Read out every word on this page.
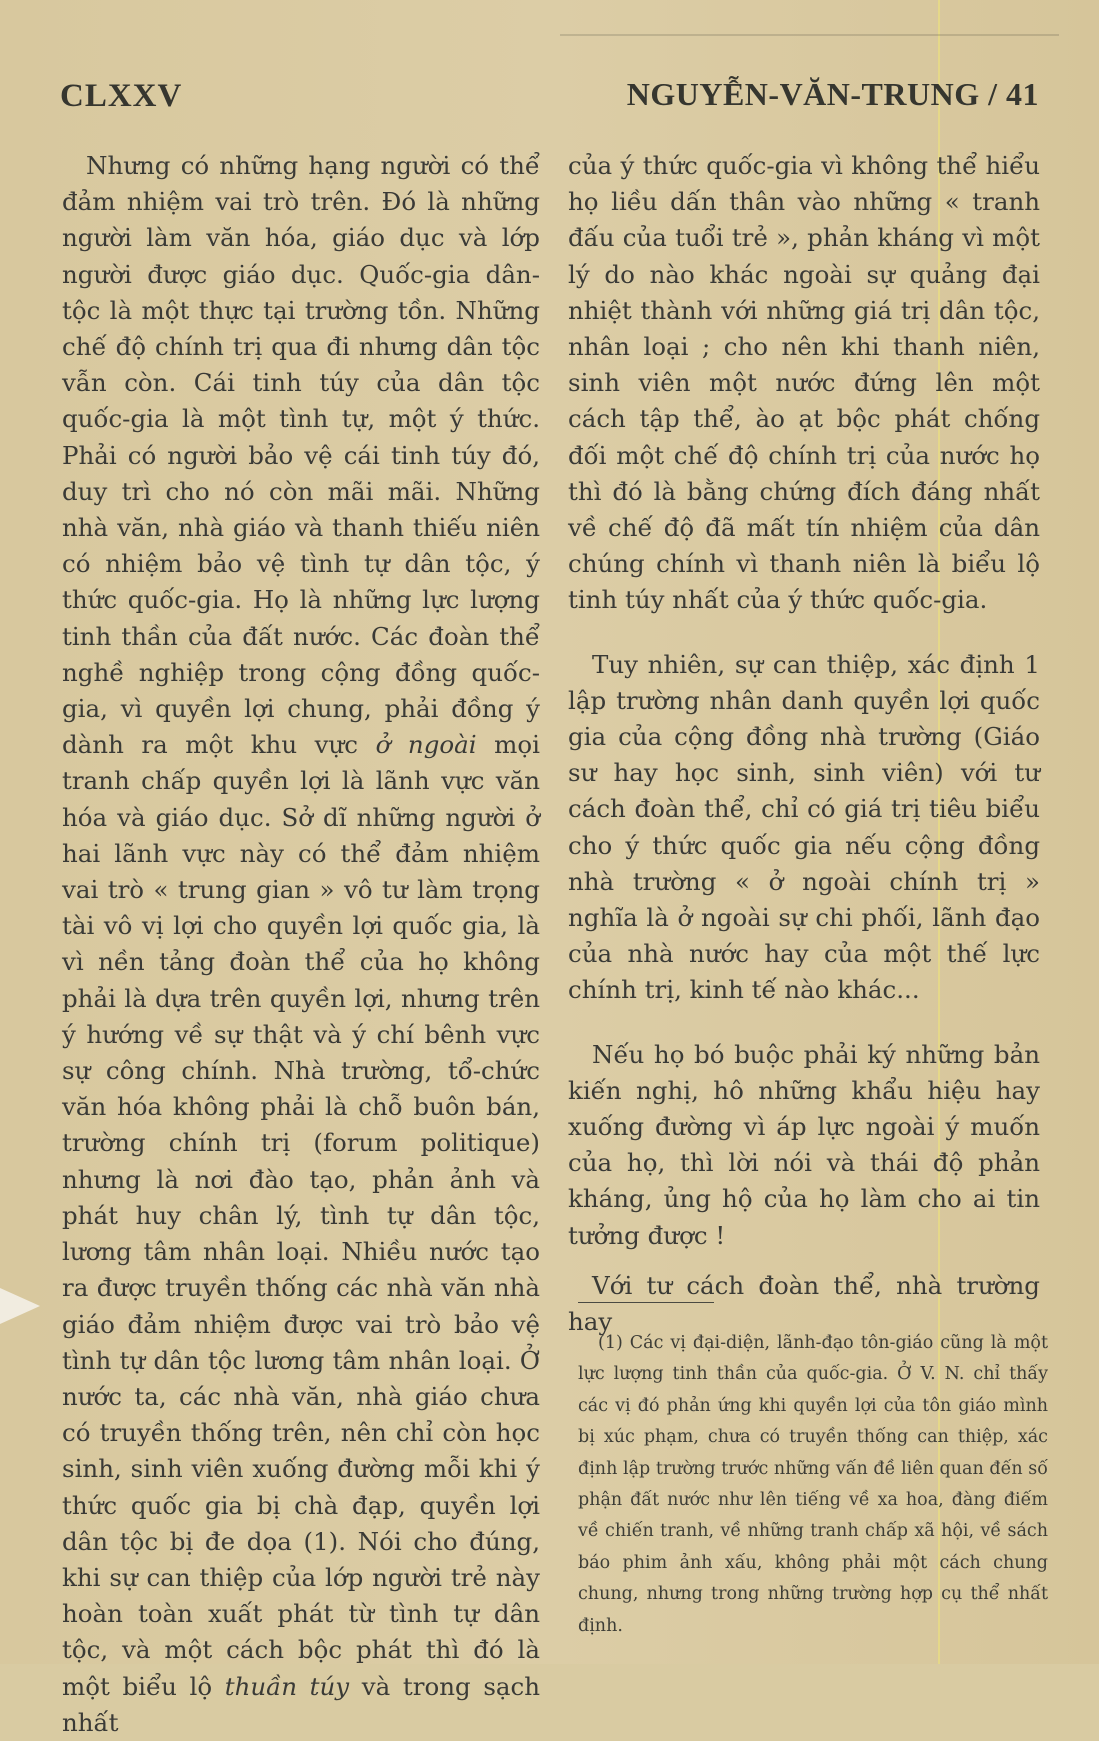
CLXXV	NGUYỄN-VĂN-TRUNG / 41

Nhưng có những hạng người có thể đảm nhiệm vai trò trên. Đó là những người làm văn hóa, giáo dục và lớp người được giáo dục. Quốc-gia dân-tộc là một thực tại trường tồn. Những chế độ chính trị qua đi nhưng dân tộc vẫn còn. Cái tinh túy của dân tộc quốc-gia là một tình tự, một ý thức. Phải có người bảo vệ cái tinh túy đó, duy trì cho nó còn mãi mãi. Những nhà văn, nhà giáo và thanh thiếu niên có nhiệm bảo vệ tình tự dân tộc, ý thức quốc-gia. Họ là những lực lượng tinh thần của đất nước. Các đoàn thể nghề nghiệp trong cộng đồng quốc-gia, vì quyền lợi chung, phải đồng ý dành ra một khu vực ở ngoài mọi tranh chấp quyền lợi là lãnh vực văn hóa và giáo dục. Sở dĩ những người ở hai lãnh vực này có thể đảm nhiệm vai trò « trung gian » vô tư làm trọng tài vô vị lợi cho quyền lợi quốc gia, là vì nền tảng đoàn thể của họ không phải là dựa trên quyền lợi, nhưng trên ý hướng về sự thật và ý chí bênh vực sự công chính. Nhà trường, tổ-chức văn hóa không phải là chỗ buôn bán, trường chính trị (forum politique) nhưng là nơi đào tạo, phản ảnh và phát huy chân lý, tình tự dân tộc, lương tâm nhân loại. Nhiều nước tạo ra được truyền thống các nhà văn nhà giáo đảm nhiệm được vai trò bảo vệ tình tự dân tộc lương tâm nhân loại. Ở nước ta, các nhà văn, nhà giáo chưa có truyền thống trên, nên chỉ còn học sinh, sinh viên xuống đường mỗi khi ý thức quốc gia bị chà đạp, quyền lợi dân tộc bị đe dọa (1). Nói cho đúng, khi sự can thiệp của lớp người trẻ này hoàn toàn xuất phát từ tình tự dân tộc, và một cách bộc phát thì đó là một biểu lộ thuần túy và trong sạch nhất

của ý thức quốc-gia vì không thể hiểu họ liều dấn thân vào những « tranh đấu của tuổi trẻ », phản kháng vì một lý do nào khác ngoài sự quảng đại nhiệt thành với những giá trị dân tộc, nhân loại ; cho nên khi thanh niên, sinh viên một nước đứng lên một cách tập thể, ào ạt bộc phát chống đối một chế độ chính trị của nước họ thì đó là bằng chứng đích đáng nhất về chế độ đã mất tín nhiệm của dân chúng chính vì thanh niên là biểu lộ tinh túy nhất của ý thức quốc-gia.

Tuy nhiên, sự can thiệp, xác định 1 lập trường nhân danh quyền lợi quốc gia của cộng đồng nhà trường (Giáo sư hay học sinh, sinh viên) với tư cách đoàn thể, chỉ có giá trị tiêu biểu cho ý thức quốc gia nếu cộng đồng nhà trường « ở ngoài chính trị » nghĩa là ở ngoài sự chi phối, lãnh đạo của nhà nước hay của một thế lực chính trị, kinh tế nào khác...

Nếu họ bó buộc phải ký những bản kiến nghị, hô những khẩu hiệu hay xuống đường vì áp lực ngoài ý muốn của họ, thì lời nói và thái độ phản kháng, ủng hộ của họ làm cho ai tin tưởng được !

Với tư cách đoàn thể, nhà trường hay

(1) Các vị đại-diện, lãnh-đạo tôn-giáo cũng là một lực lượng tinh thần của quốc-gia. Ở V. N. chỉ thấy các vị đó phản ứng khi quyền lợi của tôn giáo mình bị xúc phạm, chưa có truyền thống can thiệp, xác định lập trường trước những vấn đề liên quan đến số phận đất nước như lên tiếng về xa hoa, đàng điếm về chiến tranh, về những tranh chấp xã hội, về sách báo phim ảnh xấu, không phải một cách chung chung, nhưng trong những trường hợp cụ thể nhất định.
